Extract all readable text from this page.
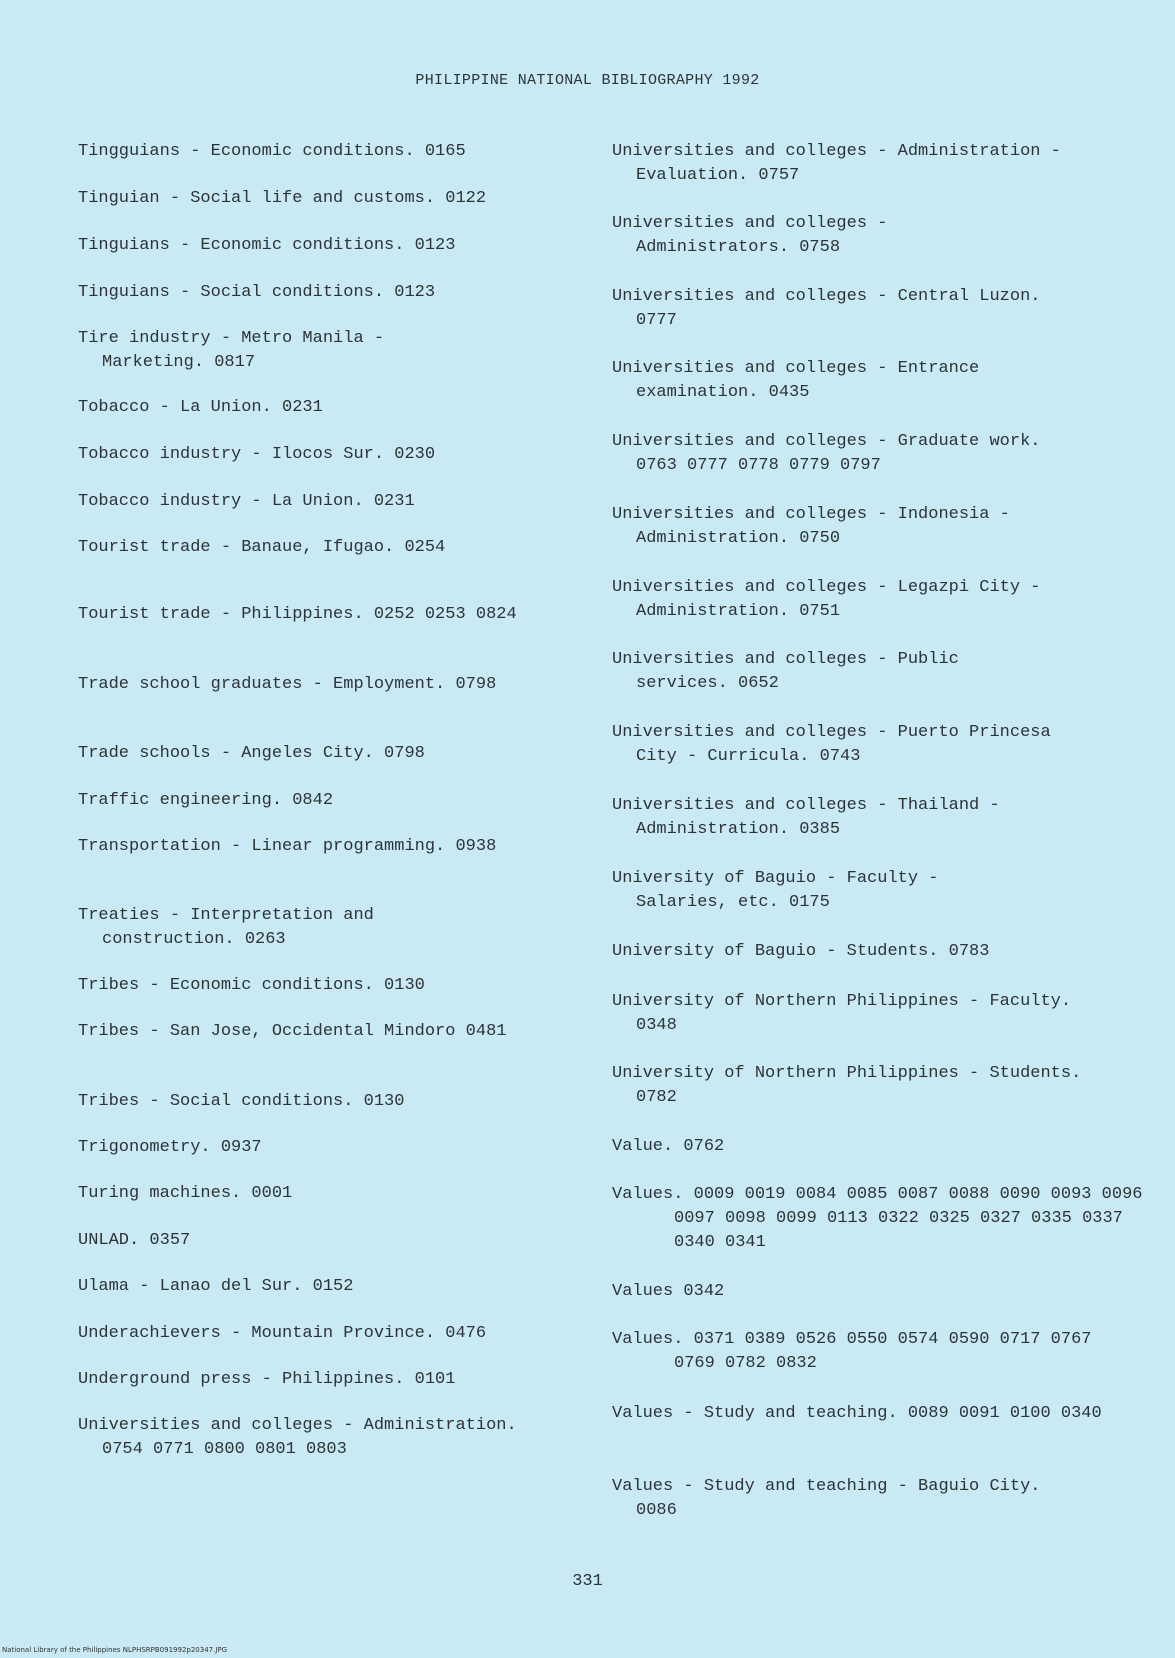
PHILIPPINE NATIONAL BIBLIOGRAPHY 1992

Tingguians - Economic conditions. 0165

Tinguian - Social life and customs. 0122

Tinguians - Economic conditions. 0123

Tinguians - Social conditions. 0123

Tire industry - Metro Manila - Marketing. 0817

Tobacco - La Union. 0231

Tobacco industry - Ilocos Sur. 0230

Tobacco industry - La Union. 0231

Tourist trade - Banaue, Ifugao. 0254

Tourist trade - Philippines. 0252 0253 0824

Trade school graduates - Employment. 0798

Trade schools - Angeles City. 0798

Traffic engineering. 0842

Transportation - Linear programming. 0938

Treaties - Interpretation and construction. 0263

Tribes - Economic conditions. 0130

Tribes - San Jose, Occidental Mindoro 0481

Tribes - Social conditions. 0130

Trigonometry. 0937

Turing machines. 0001

UNLAD. 0357

Ulama - Lanao del Sur. 0152

Underachievers - Mountain Province. 0476

Underground press - Philippines. 0101

Universities and colleges - Administration. 0754 0771 0800 0801 0803

Universities and colleges - Administration - Evaluation. 0757

Universities and colleges - Administrators. 0758

Universities and colleges - Central Luzon. 0777

Universities and colleges - Entrance examination. 0435

Universities and colleges - Graduate work. 0763 0777 0778 0779 0797

Universities and colleges - Indonesia - Administration. 0750

Universities and colleges - Legazpi City - Administration. 0751

Universities and colleges - Public services. 0652

Universities and colleges - Puerto Princesa City - Curricula. 0743

Universities and colleges - Thailand - Administration. 0385

University of Baguio - Faculty - Salaries, etc. 0175

University of Baguio - Students. 0783

University of Northern Philippines - Faculty. 0348

University of Northern Philippines - Students. 0782

Value. 0762

Values. 0009 0019 0084 0085 0087 0088 0090 0093 0096 0097 0098 0099 0113 0322 0325 0327 0335 0337 0340 0341

Values 0342

Values. 0371 0389 0526 0550 0574 0590 0717 0767 0769 0782 0832

Values - Study and teaching. 0089 0091 0100 0340

Values - Study and teaching - Baguio City. 0086

331
National Library of the Philippines NLPHSRPB091992p20347.JPG
